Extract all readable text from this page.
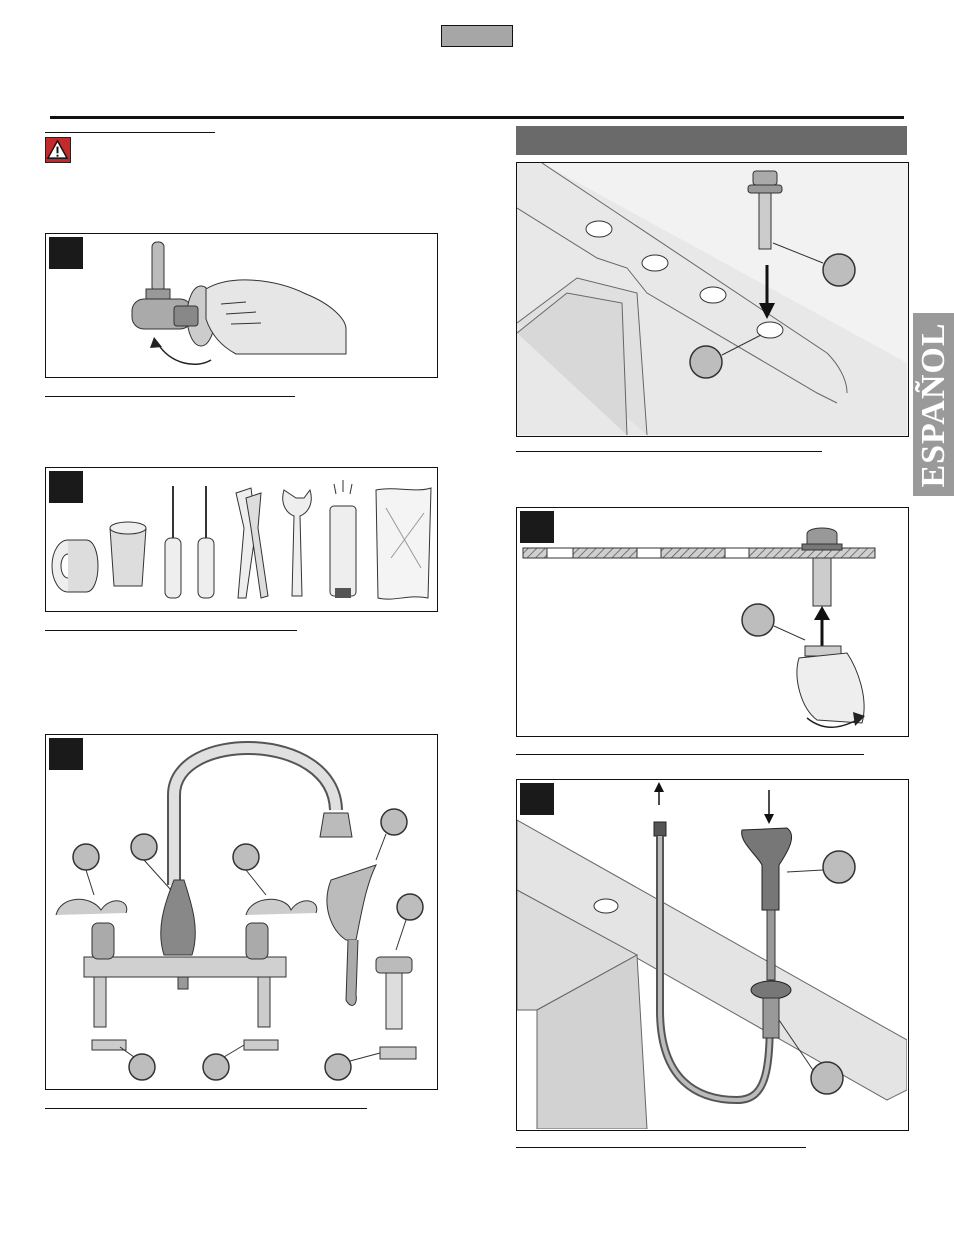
ESPAÑOL
